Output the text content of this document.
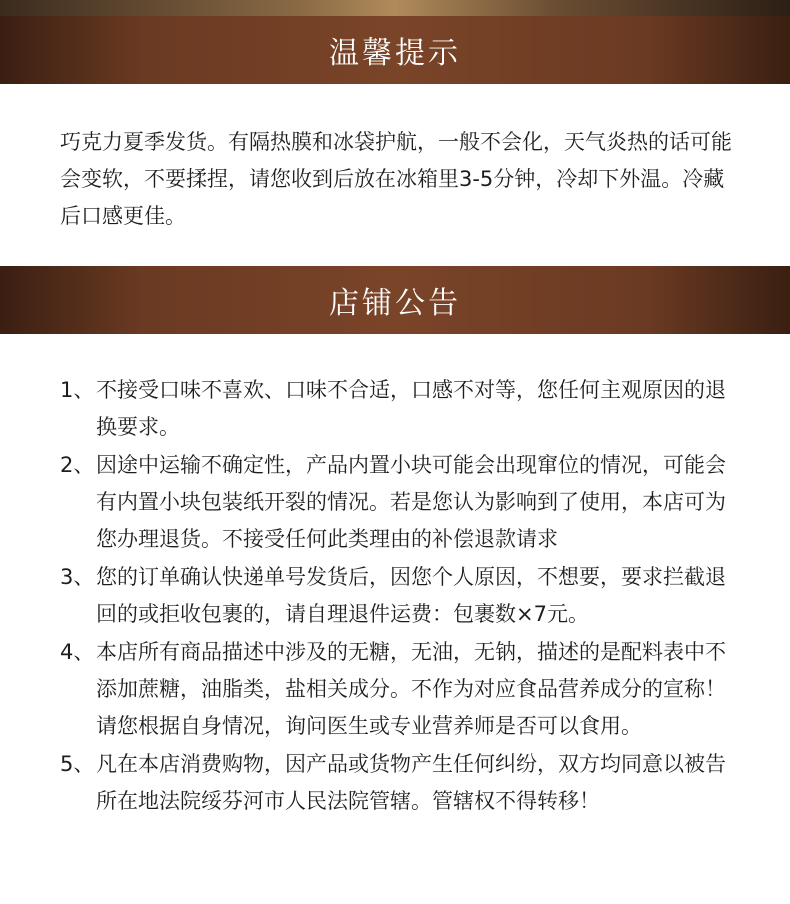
温馨提示

巧克力夏季发货。有隔热膜和冰袋护航，一般不会化，天气炎热的话可能会变软，不要揉捏，请您收到后放在冰箱里3-5分钟，冷却下外温。冷藏后口感更佳。

店铺公告
1、 不接受口味不喜欢、口味不合适，口感不对等，您任何主观原因的退换要求。
2、 因途中运输不确定性，产品内置小块可能会出现窜位的情况，可能会有内置小块包装纸开裂的情况。若是您认为影响到了使用，本店可为您办理退货。不接受任何此类理由的补偿退款请求
3、 您的订单确认快递单号发货后，因您个人原因，不想要，要求拦截退回的或拒收包裹的，请自理退件运费：包裹数×7元。
4、 本店所有商品描述中涉及的无糖，无油，无钠，描述的是配料表中不添加蔗糖，油脂类，盐相关成分。不作为对应食品营养成分的宣称！请您根据自身情况，询问医生或专业营养师是否可以食用。
5、 凡在本店消费购物，因产品或货物产生任何纠纷，双方均同意以被告所在地法院绥芬河市人民法院管辖。管辖权不得转移！
